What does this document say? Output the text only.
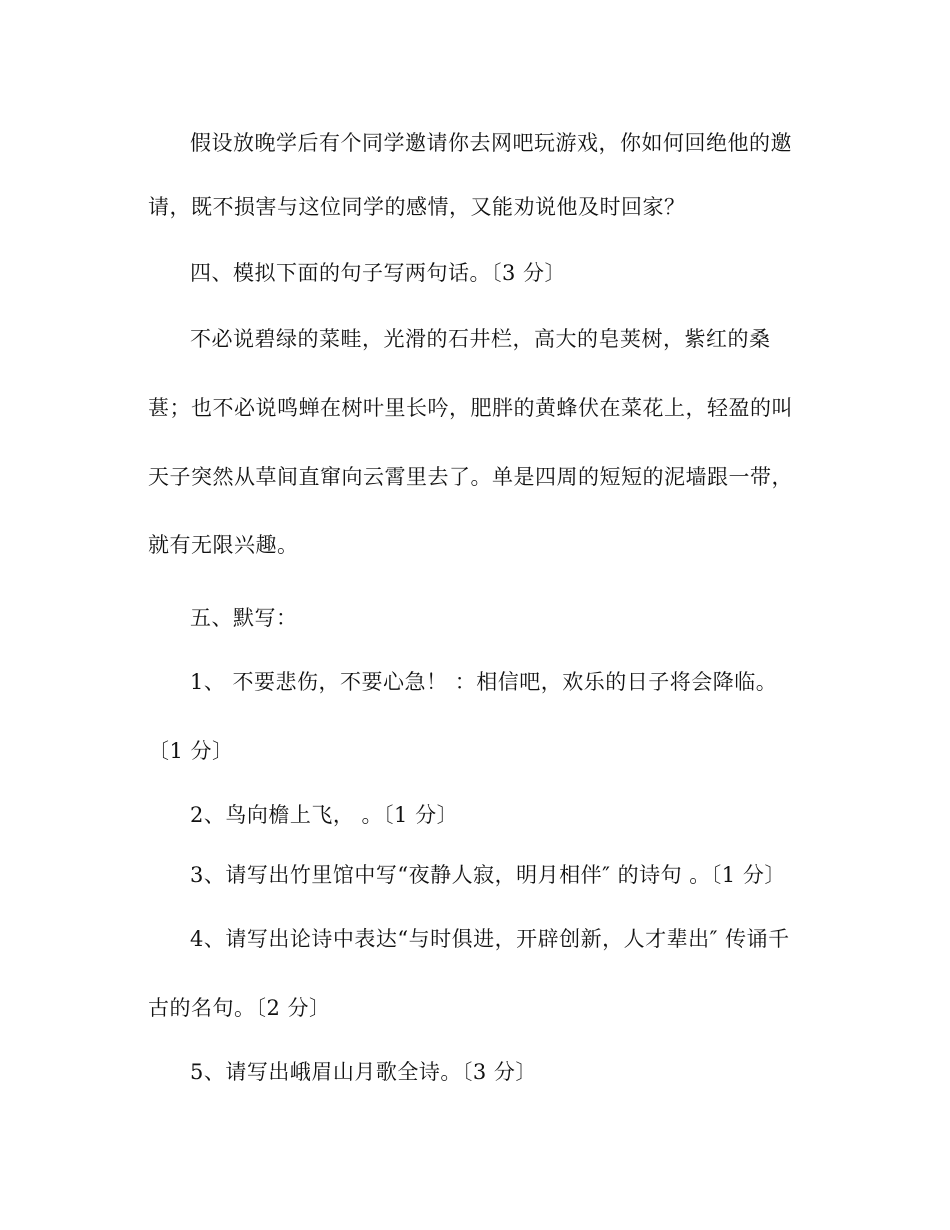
假设放晚学后有个同学邀请你去网吧玩游戏，你如何回绝他的邀
请，既不损害与这位同学的感情，又能劝说他及时回家？
四、模拟下面的句子写两句话。〔3 分〕
不必说碧绿的菜畦，光滑的石井栏，高大的皂荚树，紫红的桑
葚；也不必说鸣蝉在树叶里长吟，肥胖的黄蜂伏在菜花上，轻盈的叫
天子突然从草间直窜向云霄里去了。单是四周的短短的泥墙跟一带，
就有无限兴趣。
五、默写：
1、 不要悲伤，不要心急！ ：相信吧，欢乐的日子将会降临。
〔1 分〕
2、鸟向檐上飞， 。〔1 分〕
3、请写出竹里馆中写“夜静人寂，明月相伴″ 的诗句 。〔1 分〕
4、请写出论诗中表达“与时俱进，开辟创新，人才辈出″ 传诵千
古的名句。〔2 分〕
5、请写出峨眉山月歌全诗。〔3 分〕
